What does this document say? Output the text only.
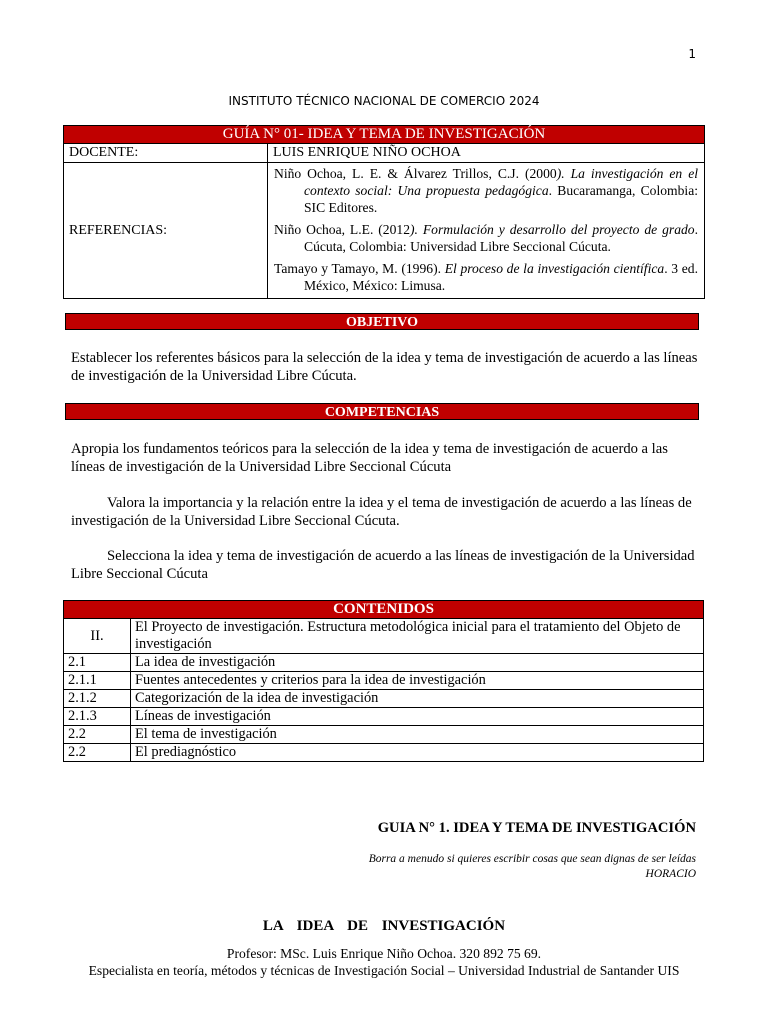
1
INSTITUTO TÉCNICO NACIONAL DE COMERCIO 2024
GUÍA N° 01- IDEA Y TEMA DE INVESTIGACIÓN	
DOCENTE:	LUIS ENRIQUE NIÑO OCHOA
REFERENCIAS:	Niño Ochoa, L. E. & Álvarez Trillos, C.J. (2000). La investigación en el contexto social: Una propuesta pedagógica. Bucaramanga, Colombia: SIC Editores.

Niño Ochoa, L.E. (2012). Formulación y desarrollo del proyecto de grado. Cúcuta, Colombia: Universidad Libre Seccional Cúcuta.

Tamayo y Tamayo, M. (1996). El proceso de la investigación científica. 3 ed. México, México: Limusa.

OBJETIVO
Establecer los referentes básicos para la selección de la idea y tema de investigación de acuerdo a las líneas de investigación de la Universidad Libre Cúcuta.
COMPETENCIAS
Apropia los fundamentos teóricos para la selección de la idea y tema de investigación de acuerdo a las líneas de investigación de la Universidad Libre Seccional Cúcuta
Valora la importancia y la relación entre la idea y el tema de investigación de acuerdo a las líneas de investigación de la Universidad Libre Seccional Cúcuta.
Selecciona la idea y tema de investigación de acuerdo a las líneas de investigación de la Universidad Libre Seccional Cúcuta
CONTENIDOS	
II.	El Proyecto de investigación. Estructura metodológica inicial para el tratamiento del Objeto de investigación
2.1	La idea de investigación
2.1.1	Fuentes antecedentes y criterios para la idea de investigación
2.1.2	Categorización de la idea de investigación
2.1.3	Líneas de investigación
2.2	El tema de investigación
2.2	El prediagnóstico
GUIA N° 1. IDEA Y TEMA DE INVESTIGACIÓN
Borra a menudo si quieres escribir cosas que sean dignas de ser leídas
HORACIO
LA IDEA DE INVESTIGACIÓN
Profesor: MSc. Luis Enrique Niño Ochoa. 320 892 75 69.
Especialista en teoría, métodos y técnicas de Investigación Social – Universidad Industrial de Santander UIS
